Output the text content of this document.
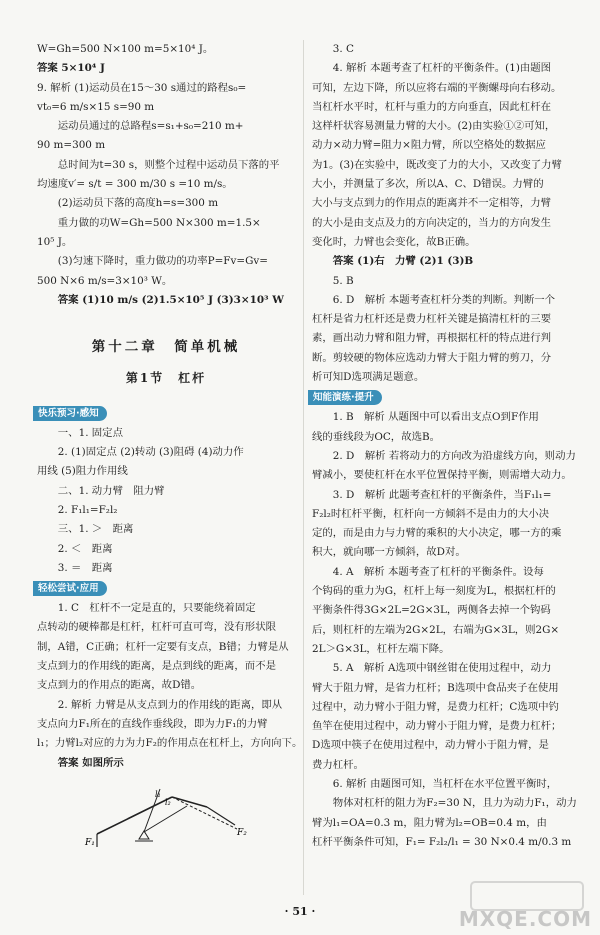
W=Gh=500 N×100 m=5×10⁴ J。
答案 5×10⁴ J
9. 解析 (1)运动员在15～30 s通过的路程s₀=
vt₀=6 m/s×15 s=90 m
运动员通过的总路程s=s₁+s₀=210 m+
90 m=300 m
总时间为t=30 s，则整个过程中运动员下落的平
均速度v′= s/t = 300 m/30 s =10 m/s。
(2)运动员下落的高度h=s=300 m
重力做的功W=Gh=500 N×300 m=1.5×
10⁵ J。
(3)匀速下降时，重力做功的功率P=Fv=Gv=
500 N×6 m/s=3×10³ W。
答案 (1)10 m/s (2)1.5×10⁵ J (3)3×10³ W
第十二章　简单机械
第1节　杠杆
快乐预习·感知
一、1. 固定点
2. (1)固定点 (2)转动 (3)阻碍 (4)动力作
用线 (5)阻力作用线
二、1. 动力臂　阻力臂
2. F₁l₁=F₂l₂
三、1. ＞　距离
2. ＜　距离
3. ＝　距离
轻松尝试·应用
1. C　杠杆不一定是直的，只要能绕着固定
点转动的硬棒都是杠杆，杠杆可直可弯，没有形状限
制，A错，C正确；杠杆一定要有支点，B错；力臂是从
支点到力的作用线的距离，是点到线的距离，而不是
支点到力的作用点的距离，故D错。
2. 解析 力臂是从支点到力的作用线的距离，即从
支点向力F₁所在的直线作垂线段，即为力F₁的力臂
l₁；力臂l₂对应的力为力F₂的作用点在杠杆上，方向向下。
答案 如图所示
F₁
F₂
l₁
l₂
3. C
4. 解析 本题考查了杠杆的平衡条件。(1)由题图
可知，左边下降，所以应将右端的平衡螺母向右移动。
当杠杆水平时，杠杆与重力的方向垂直，因此杠杆在
这样杆状容易测量力臂的大小。(2)由实验①②可知，
动力×动力臂=阻力×阻力臂，所以空格处的数据应
为1。(3)在实验中，既改变了力的大小，又改变了力臂
大小，并测量了多次，所以A、C、D错误。力臂的
大小与支点到力的作用点的距离并不一定相等，力臂
的大小是由支点及力的方向决定的，当力的方向发生
变化时，力臂也会变化，故B正确。
答案 (1)右　力臂 (2)1 (3)B
5. B
6. D　解析 本题考查杠杆分类的判断。判断一个
杠杆是省力杠杆还是费力杠杆关键是搞清杠杆的三要
素，画出动力臂和阻力臂，再根据杠杆的特点进行判
断。剪较硬的物体应选动力臂大于阻力臂的剪刀，分
析可知D选项满足题意。
知能演练·提升
1. B　解析 从题图中可以看出支点O到F作用
线的垂线段为OC，故选B。
2. D　解析 若将动力的方向改为沿虚线方向，则动力
臂减小，要使杠杆在水平位置保持平衡，则需增大动力。
3. D　解析 此题考查杠杆的平衡条件，当F₁l₁=
F₂l₂时杠杆平衡，杠杆向一方倾斜不是由力的大小决
定的，而是由力与力臂的乘积的大小决定，哪一方的乘
积大，就向哪一方倾斜，故D对。
4. A　解析 本题考查了杠杆的平衡条件。设每
个钩码的重力为G，杠杆上每一刻度为L，根据杠杆的
平衡条件得3G×2L=2G×3L，两侧各去掉一个钩码
后，则杠杆的左端为2G×2L，右端为G×3L，则2G×
2L＞G×3L，杠杆左端下降。
5. A　解析 A选项中钢丝钳在使用过程中，动力
臂大于阻力臂，是省力杠杆；B选项中食品夹子在使用
过程中，动力臂小于阻力臂，是费力杠杆；C选项中钓
鱼竿在使用过程中，动力臂小于阻力臂，是费力杠杆；
D选项中筷子在使用过程中，动力臂小于阻力臂，是
费力杠杆。
6. 解析 由题图可知，当杠杆在水平位置平衡时，
物体对杠杆的阻力为F₂=30 N，且力为动力F₁，动力
臂为l₁=OA=0.3 m，阻力臂为l₂=OB=0.4 m，由
杠杆平衡条件可知，F₁= F₂l₂/l₁ = 30 N×0.4 m/0.3 m
· 51 ·	MXQE.COM
